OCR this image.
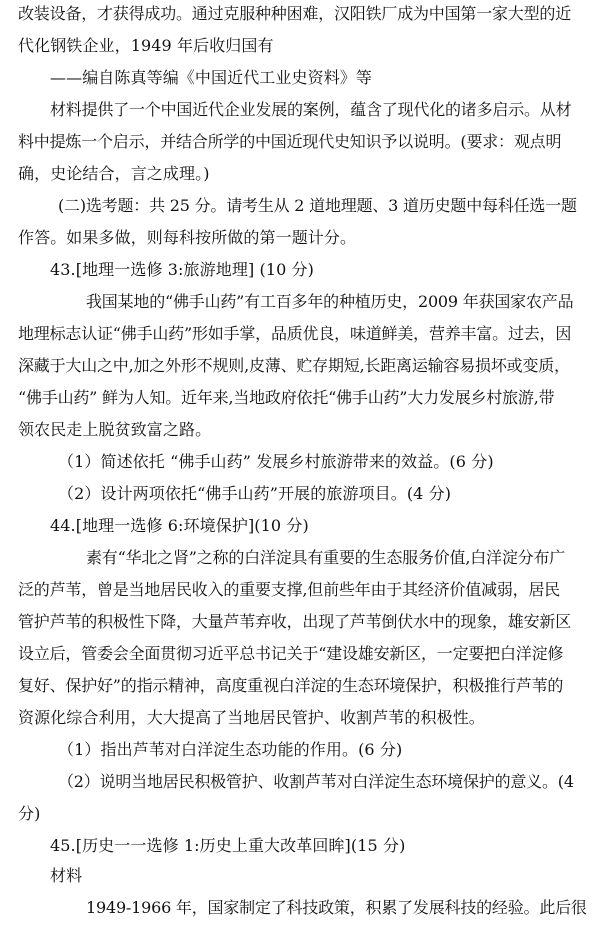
改装设备，才获得成功。通过克服种种困难，汉阳铁厂成为中国第一家大型的近
代化钢铁企业，1949 年后收归国有
——编自陈真等编《中国近代工业史资料》等
材料提供了一个中国近代企业发展的案例，蕴含了现代化的诸多启示。从材
料中提炼一个启示，并结合所学的中国近现代史知识予以说明。(要求：观点明
确，史论结合，言之成理。)
(二)选考题：共 25 分。请考生从 2 道地理题、3 道历史题中每科任选一题
作答。如果多做，则每科按所做的第一题计分。
43.[地理一选修 3:旅游地理] (10 分)
我国某地的“佛手山药”有工百多年的种植历史，2009 年获国家农产品
地理标志认证“佛手山药”形如手掌，品质优良，味道鲜美，营养丰富。过去，因
深藏于大山之中,加之外形不规则,皮薄、贮存期短,长距离运输容易损坏或变质，
“佛手山药” 鲜为人知。近年来,当地政府依托“佛手山药”大力发展乡村旅游,带
领农民走上脱贫致富之路。
（1）简述依托 “佛手山药” 发展乡村旅游带来的效益。(6 分)
（2）设计两项依托“佛手山药”开展的旅游项目。(4 分)
44.[地理一选修 6:环境保护](10 分)
素有“华北之肾”之称的白洋淀具有重要的生态服务价值,白洋淀分布广
泛的芦苇，曾是当地居民收入的重要支撑,但前些年由于其经济价值减弱，居民
管护芦苇的积极性下降，大量芦苇弃收，出现了芦苇倒伏水中的现象，雄安新区
设立后，管委会全面贯彻习近平总书记关于“建设雄安新区，一定要把白洋淀修
复好、保护好”的指示精神，高度重视白洋淀的生态环境保护，积极推行芦苇的
资源化综合利用，大大提高了当地居民管护、收割芦苇的积极性。
（1）指出芦苇对白洋淀生态功能的作用。(6 分)
（2）说明当地居民积极管护、收割芦苇对白洋淀生态环境保护的意义。(4
分)
45.[历史一一选修 1:历史上重大改革回眸](15 分)
材料
1949-1966 年，国家制定了科技政策，积累了发展科技的经验。此后很
